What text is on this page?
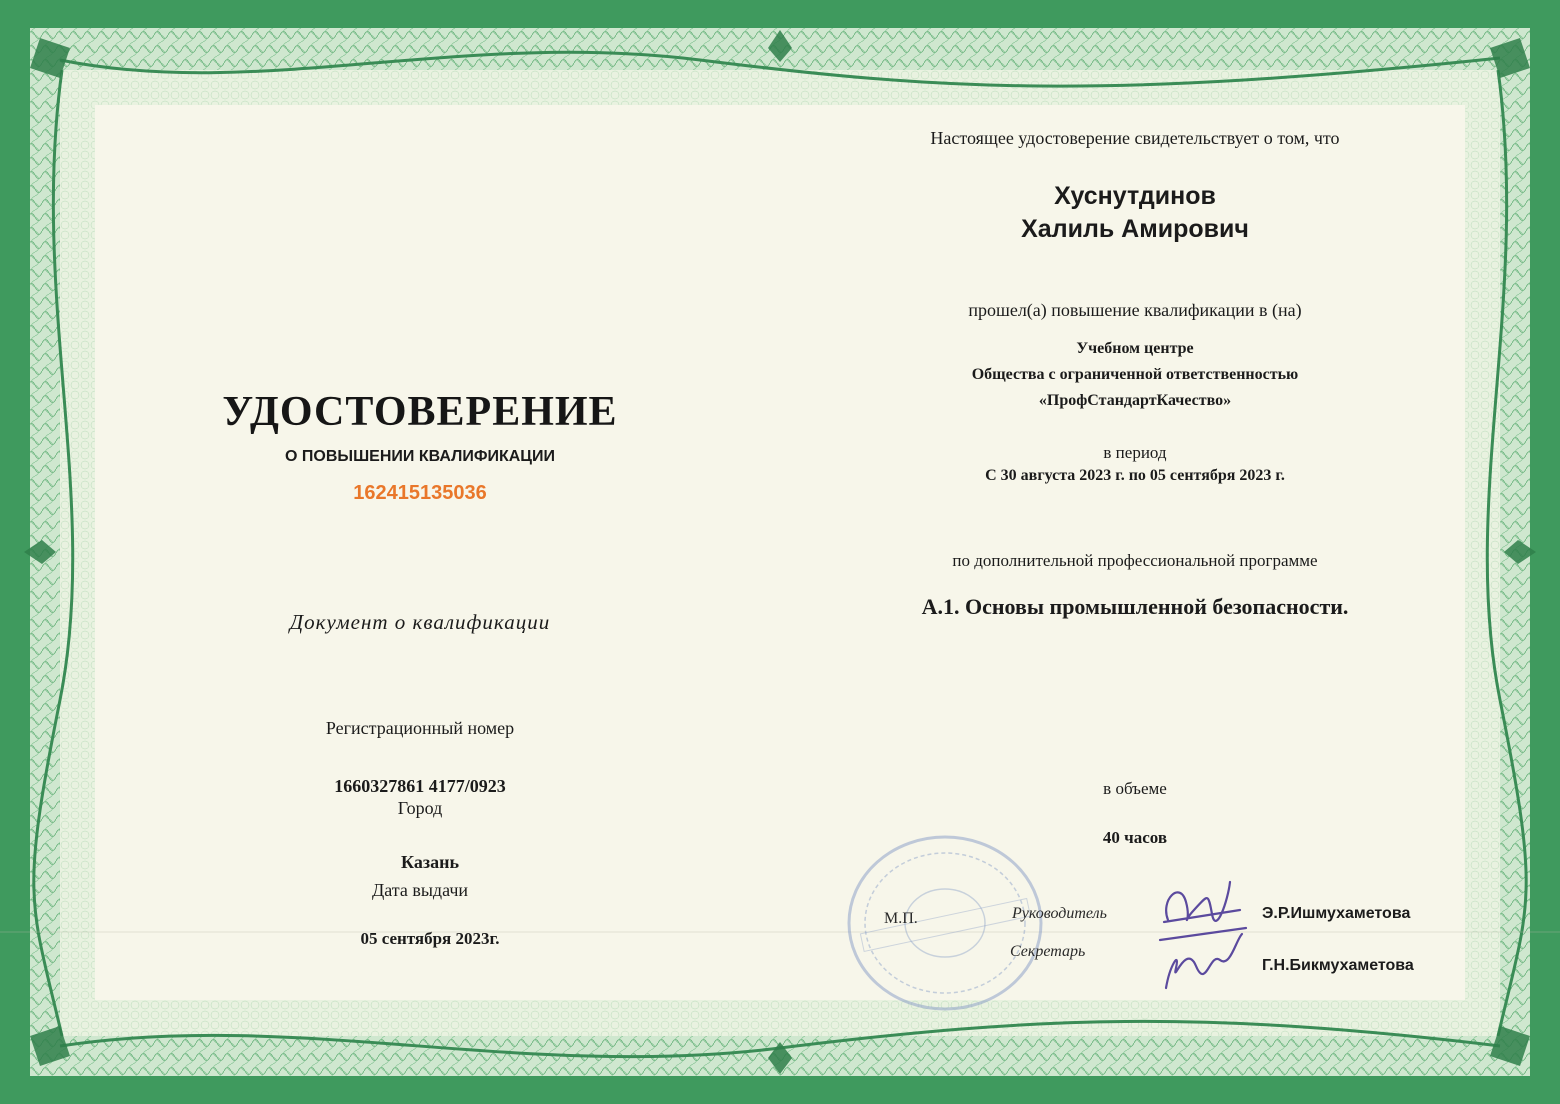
УДОСТОВЕРЕНИЕ
О ПОВЫШЕНИИ КВАЛИФИКАЦИИ
162415135036
Документ о квалификации
Регистрационный номер
1660327861 4177/0923
Город
Казань
Дата выдачи
05 сентября 2023г.
Настоящее удостоверение свидетельствует о том, что
Хуснутдинов
Халиль Амирович
прошел(а) повышение квалификации в (на)
Учебном центре
Общества с ограниченной ответственностью
«ПрофСтандартКачество»
в период
С 30 августа 2023 г. по 05 сентября 2023 г.
по дополнительной профессиональной программе
А.1. Основы промышленной безопасности.
в объеме
40 часов
М.П.	Руководитель
Секретарь
Э.Р.Ишмухаметова
Г.Н.Бикмухаметова
